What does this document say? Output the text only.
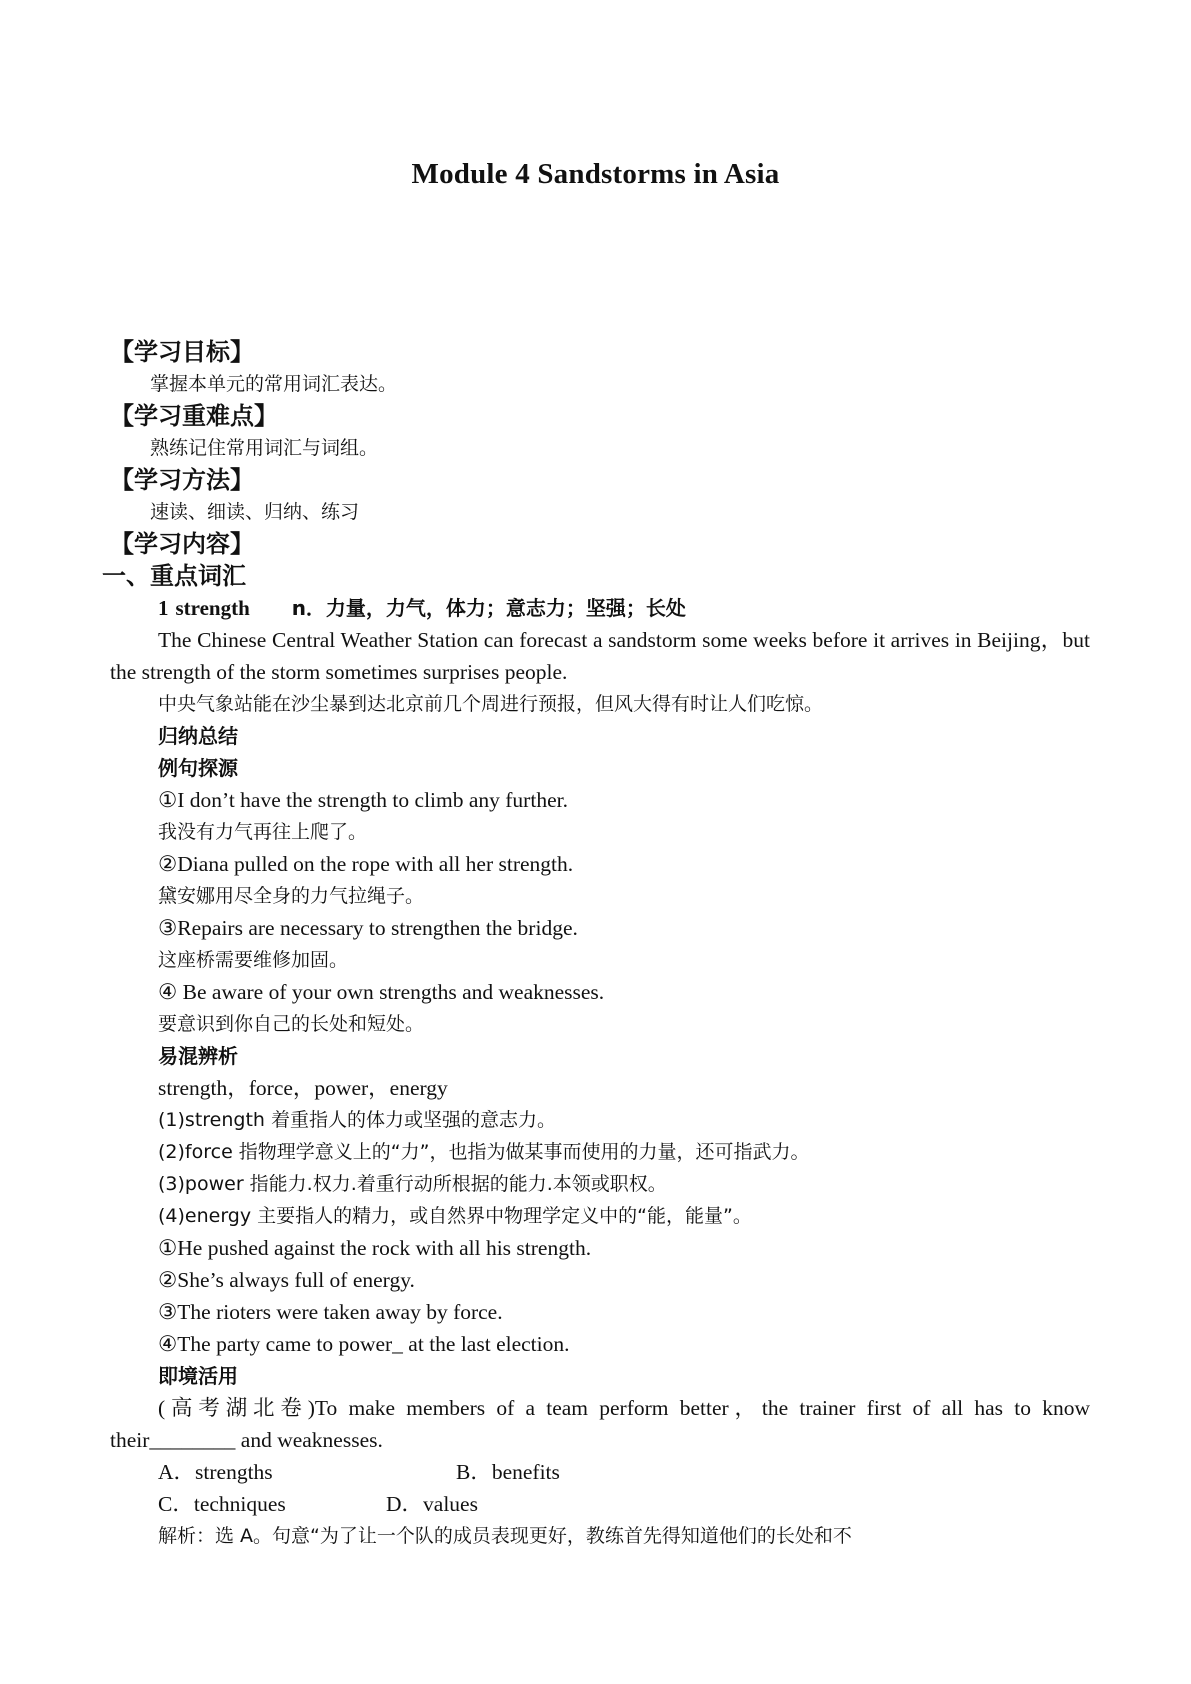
Module 4 Sandstorms in Asia
【学习目标】
掌握本单元的常用词汇表达。
【学习重难点】
熟练记住常用词汇与词组。
【学习方法】
速读、细读、归纳、练习
【学习内容】
一、重点词汇
1 strength n．力量，力气，体力；意志力；坚强；长处
The Chinese Central Weather Station can forecast a sandstorm some weeks before it arrives in Beijing，but the strength of the storm sometimes surprises people.
中央气象站能在沙尘暴到达北京前几个周进行预报，但风大得有时让人们吃惊。
归纳总结
例句探源
①I don’t have the strength to climb any further.
我没有力气再往上爬了。
②Diana pulled on the rope with all her strength.
黛安娜用尽全身的力气拉绳子。
③Repairs are necessary to strengthen the bridge.
这座桥需要维修加固。
④ Be aware of your own strengths and weaknesses.
要意识到你自己的长处和短处。
易混辨析
strength，force，power，energy
(1)strength 着重指人的体力或坚强的意志力。
(2)force 指物理学意义上的“力”，也指为做某事而使用的力量，还可指武力。
(3)power 指能力.权力.着重行动所根据的能力.本领或职权。
(4)energy 主要指人的精力，或自然界中物理学定义中的“能，能量”。
①He pushed against the rock with all his strength.
②She’s always full of energy.
③The rioters were taken away by force.
④The party came to power_ at the last election.
即境活用
(高考湖北卷)To make members of a team perform better，the trainer first of all has to know their________ and weaknesses.
A．strengths	B．benefits
C．techniques	D．values
解析：选 A。句意“为了让一个队的成员表现更好，教练首先得知道他们的长处和不
